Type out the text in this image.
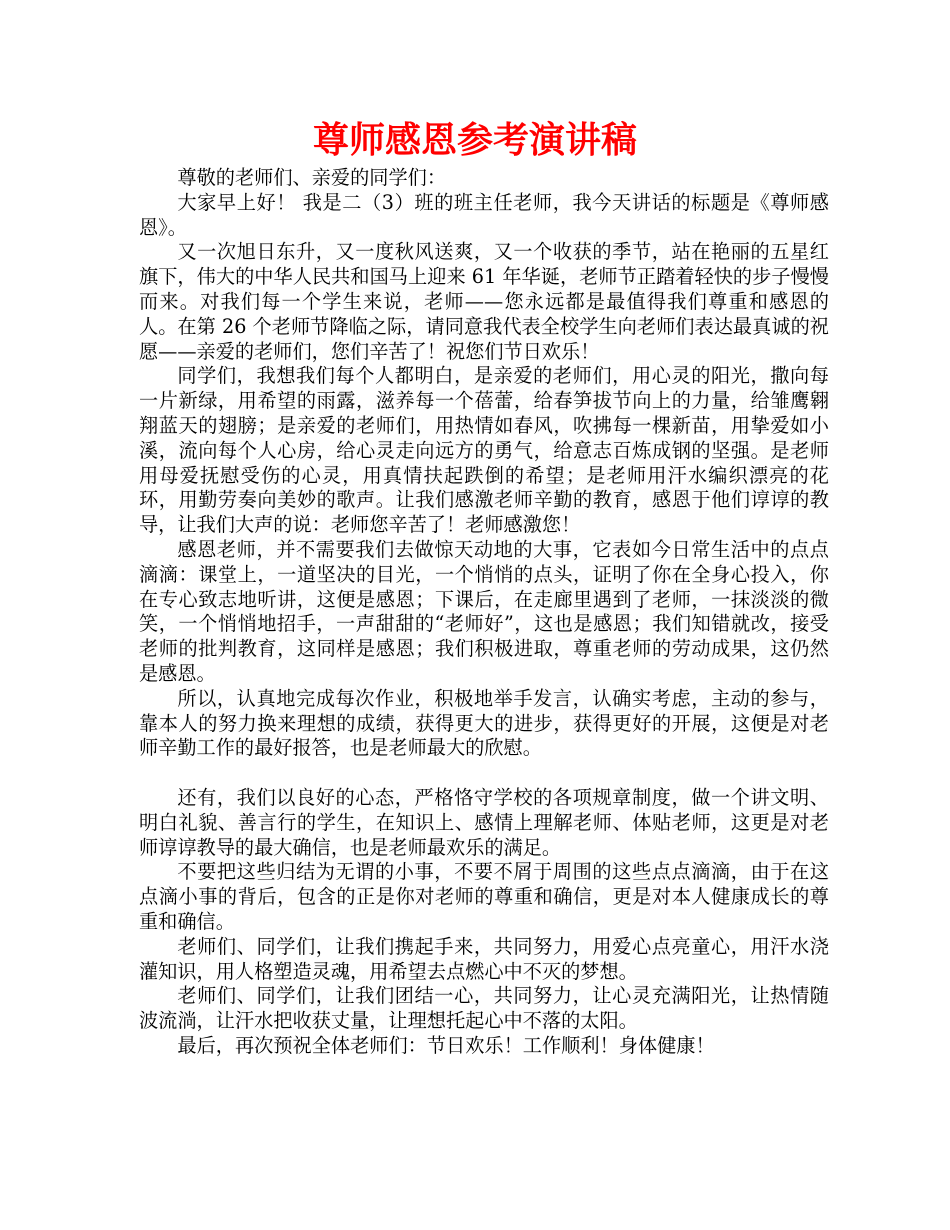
尊师感恩参考演讲稿

尊敬的老师们、亲爱的同学们：

大家早上好！ 我是二（3）班的班主任老师，我今天讲话的标题是《尊师感恩》。

又一次旭日东升，又一度秋风送爽，又一个收获的季节，站在艳丽的五星红旗下，伟大的中华人民共和国马上迎来 61 年华诞，老师节正踏着轻快的步子慢慢而来。对我们每一个学生来说，老师——您永远都是最值得我们尊重和感恩的人。在第 26 个老师节降临之际，请同意我代表全校学生向老师们表达最真诚的祝愿——亲爱的老师们，您们辛苦了！祝您们节日欢乐！

同学们，我想我们每个人都明白，是亲爱的老师们，用心灵的阳光，撒向每一片新绿，用希望的雨露，滋养每一个蓓蕾，给春笋拔节向上的力量，给雏鹰翱翔蓝天的翅膀；是亲爱的老师们，用热情如春风，吹拂每一棵新苗，用挚爱如小溪，流向每个人心房，给心灵走向远方的勇气，给意志百炼成钢的坚强。是老师用母爱抚慰受伤的心灵，用真情扶起跌倒的希望；是老师用汗水编织漂亮的花环，用勤劳奏向美妙的歌声。让我们感激老师辛勤的教育，感恩于他们谆谆的教导，让我们大声的说：老师您辛苦了！老师感激您！

感恩老师，并不需要我们去做惊天动地的大事，它表如今日常生活中的点点滴滴：课堂上，一道坚决的目光，一个悄悄的点头，证明了你在全身心投入，你在专心致志地听讲，这便是感恩；下课后，在走廊里遇到了老师，一抹淡淡的微笑，一个悄悄地招手，一声甜甜的“老师好”，这也是感恩；我们知错就改，接受老师的批判教育，这同样是感恩；我们积极进取，尊重老师的劳动成果，这仍然是感恩。

所以，认真地完成每次作业，积极地举手发言，认确实考虑，主动的参与，靠本人的努力换来理想的成绩，获得更大的进步，获得更好的开展，这便是对老师辛勤工作的最好报答，也是老师最大的欣慰。

还有，我们以良好的心态，严格恪守学校的各项规章制度，做一个讲文明、明白礼貌、善言行的学生，在知识上、感情上理解老师、体贴老师，这更是对老师谆谆教导的最大确信，也是老师最欢乐的满足。

不要把这些归结为无谓的小事，不要不屑于周围的这些点点滴滴，由于在这点滴小事的背后，包含的正是你对老师的尊重和确信，更是对本人健康成长的尊重和确信。

老师们、同学们，让我们携起手来，共同努力，用爱心点亮童心，用汗水浇灌知识，用人格塑造灵魂，用希望去点燃心中不灭的梦想。

老师们、同学们，让我们团结一心，共同努力，让心灵充满阳光，让热情随波流淌，让汗水把收获丈量，让理想托起心中不落的太阳。

最后，再次预祝全体老师们：节日欢乐！工作顺利！身体健康！
